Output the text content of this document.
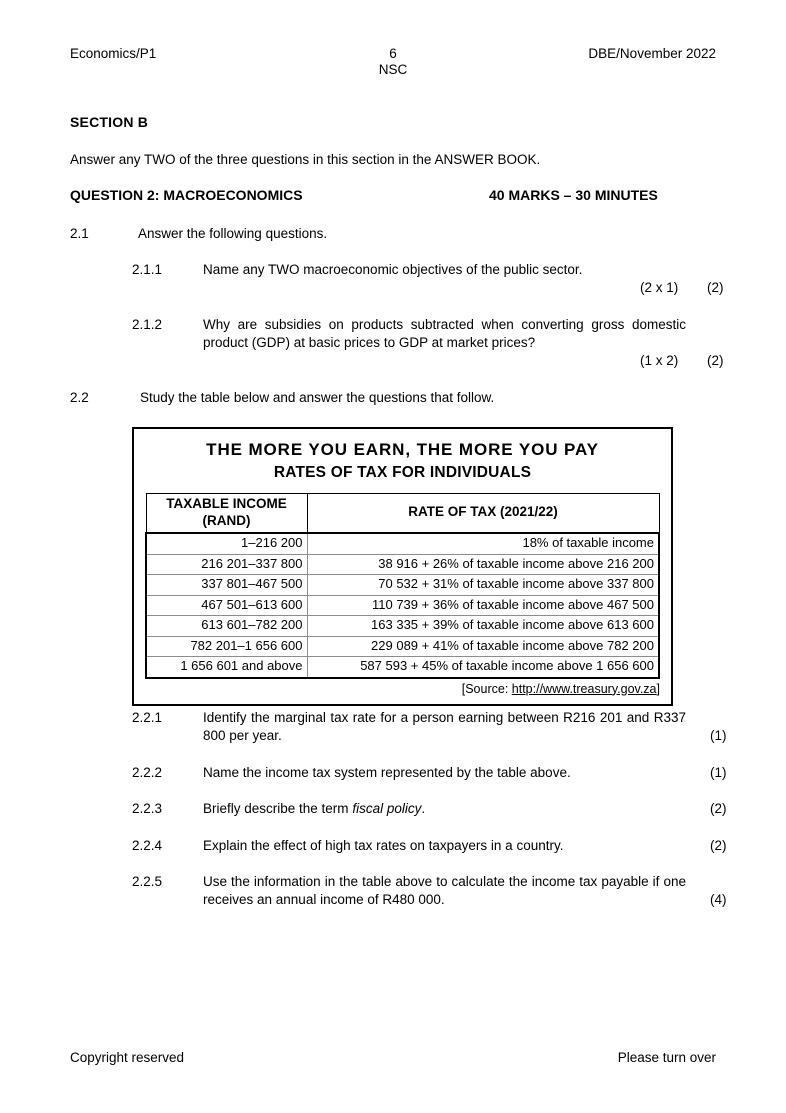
Economics/P1	6
NSC
DBE/November 2022
SECTION B
Answer any TWO of the three questions in this section in the ANSWER BOOK.
QUESTION 2: MACROECONOMICS	40 MARKS – 30 MINUTES
2.1	Answer the following questions.
2.1.1	Name any TWO macroeconomic objectives of the public sector.
(2 x 1) (2)
2.1.2	Why are subsidies on products subtracted when converting gross domestic product (GDP) at basic prices to GDP at market prices?
(1 x 2) (2)
2.2	Study the table below and answer the questions that follow.
THE MORE YOU EARN, THE MORE YOU PAY
RATES OF TAX FOR INDIVIDUALS
TAXABLE INCOME
(RAND)	RATE OF TAX (2021/22)
1–216 200	18% of taxable income
216 201–337 800	38 916 + 26% of taxable income above 216 200
337 801–467 500	70 532 + 31% of taxable income above 337 800
467 501–613 600	110 739 + 36% of taxable income above 467 500
613 601–782 200	163 335 + 39% of taxable income above 613 600
782 201–1 656 600	229 089 + 41% of taxable income above 782 200
1 656 601 and above	587 593 + 45% of taxable income above 1 656 600
[Source: http://www.treasury.gov.za]
2.2.1	Identify the marginal tax rate for a person earning between R216 201 and R337 800 per year.	(1)
2.2.2	Name the income tax system represented by the table above.	(1)
2.2.3	Briefly describe the term fiscal policy.	(2)
2.2.4	Explain the effect of high tax rates on taxpayers in a country.	(2)
2.2.5	Use the information in the table above to calculate the income tax payable if one receives an annual income of R480 000.	(4)
Copyright reserved	Please turn over
